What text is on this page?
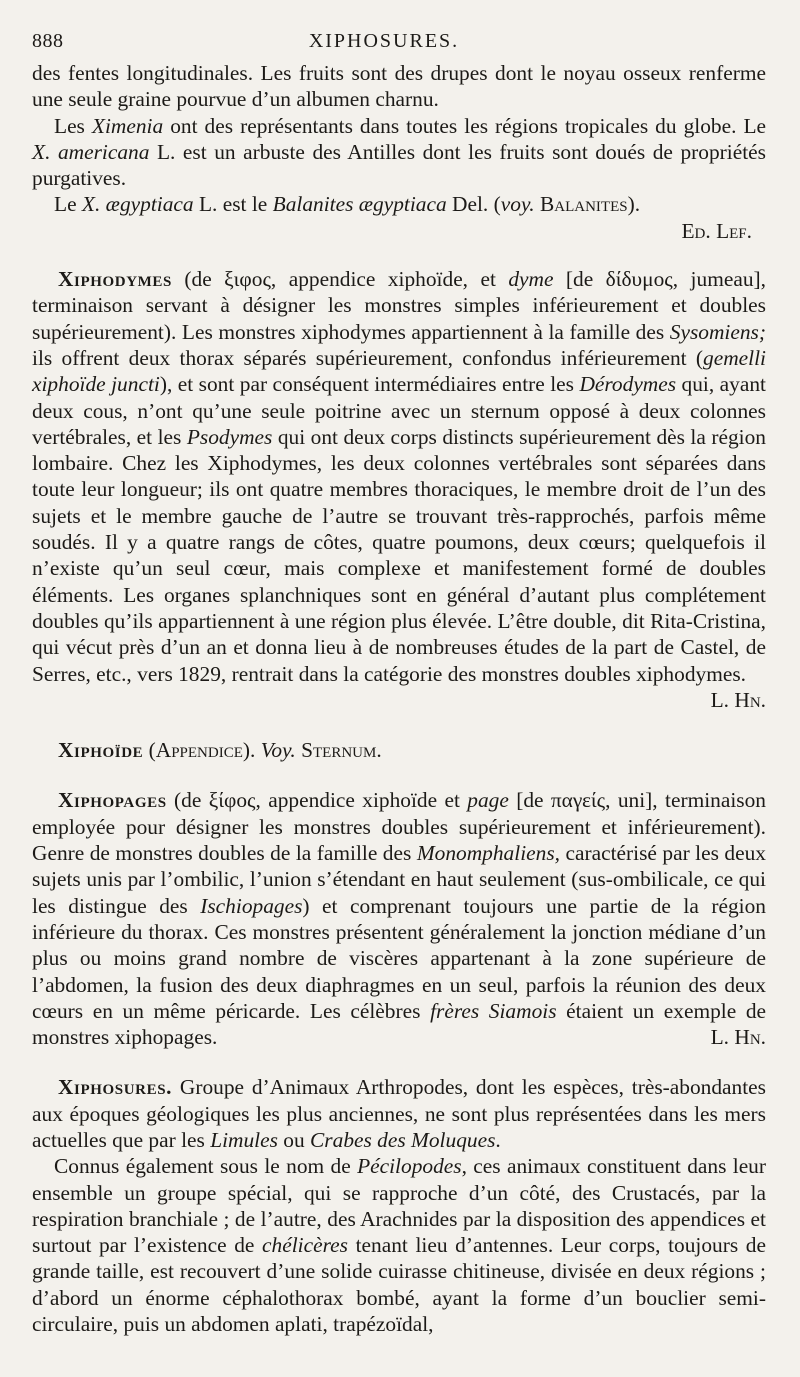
888	XIPHOSURES.

des fentes longitudinales. Les fruits sont des drupes dont le noyau osseux renferme une seule graine pourvue d’un albumen charnu.

Les Ximenia ont des représentants dans toutes les régions tropicales du globe. Le X. americana L. est un arbuste des Antilles dont les fruits sont doués de propriétés purgatives.

Le X. ægyptiaca L. est le Balanites ægyptiaca Del. (voy. Balanites).

Ed. Lef.

Xiphodymes (de ξιφος, appendice xiphoïde, et dyme [de δίδυμος, jumeau], terminaison servant à désigner les monstres simples inférieurement et doubles supérieurement). Les monstres xiphodymes appartiennent à la famille des Sysomiens; ils offrent deux thorax séparés supérieurement, confondus inférieurement (gemelli xiphoïde juncti), et sont par conséquent intermédiaires entre les Dérodymes qui, ayant deux cous, n’ont qu’une seule poitrine avec un sternum opposé à deux colonnes vertébrales, et les Psodymes qui ont deux corps distincts supérieurement dès la région lombaire. Chez les Xiphodymes, les deux colonnes vertébrales sont séparées dans toute leur longueur; ils ont quatre membres thoraciques, le membre droit de l’un des sujets et le membre gauche de l’autre se trouvant très-rapprochés, parfois même soudés. Il y a quatre rangs de côtes, quatre poumons, deux cœurs; quelquefois il n’existe qu’un seul cœur, mais complexe et manifestement formé de doubles éléments. Les organes splanchniques sont en général d’autant plus complétement doubles qu’ils appartiennent à une région plus élevée. L’être double, dit Rita-Cristina, qui vécut près d’un an et donna lieu à de nombreuses études de la part de Castel, de Serres, etc., vers 1829, rentrait dans la catégorie des monstres doubles xiphodymes.
L. Hn.

Xiphoïde (Appendice). Voy. Sternum.

Xiphopages (de ξίφος, appendice xiphoïde et page [de παγείς, uni], terminaison employée pour désigner les monstres doubles supérieurement et inférieurement). Genre de monstres doubles de la famille des Monomphaliens, caractérisé par les deux sujets unis par l’ombilic, l’union s’étendant en haut seulement (sus-ombilicale, ce qui les distingue des Ischiopages) et comprenant toujours une partie de la région inférieure du thorax. Ces monstres présentent généralement la jonction médiane d’un plus ou moins grand nombre de viscères appartenant à la zone supérieure de l’abdomen, la fusion des deux diaphragmes en un seul, parfois la réunion des deux cœurs en un même péricarde. Les célèbres frères Siamois étaient un exemple de monstres xiphopages.	L. Hn.

Xiphosures. Groupe d’Animaux Arthropodes, dont les espèces, très-abondantes aux époques géologiques les plus anciennes, ne sont plus représentées dans les mers actuelles que par les Limules ou Crabes des Moluques.

Connus également sous le nom de Pécilopodes, ces animaux constituent dans leur ensemble un groupe spécial, qui se rapproche d’un côté, des Crustacés, par la respiration branchiale ; de l’autre, des Arachnides par la disposition des appendices et surtout par l’existence de chélicères tenant lieu d’antennes. Leur corps, toujours de grande taille, est recouvert d’une solide cuirasse chitineuse, divisée en deux régions ; d’abord un énorme céphalothorax bombé, ayant la forme d’un bouclier semi-circulaire, puis un abdomen aplati, trapézoïdal,
